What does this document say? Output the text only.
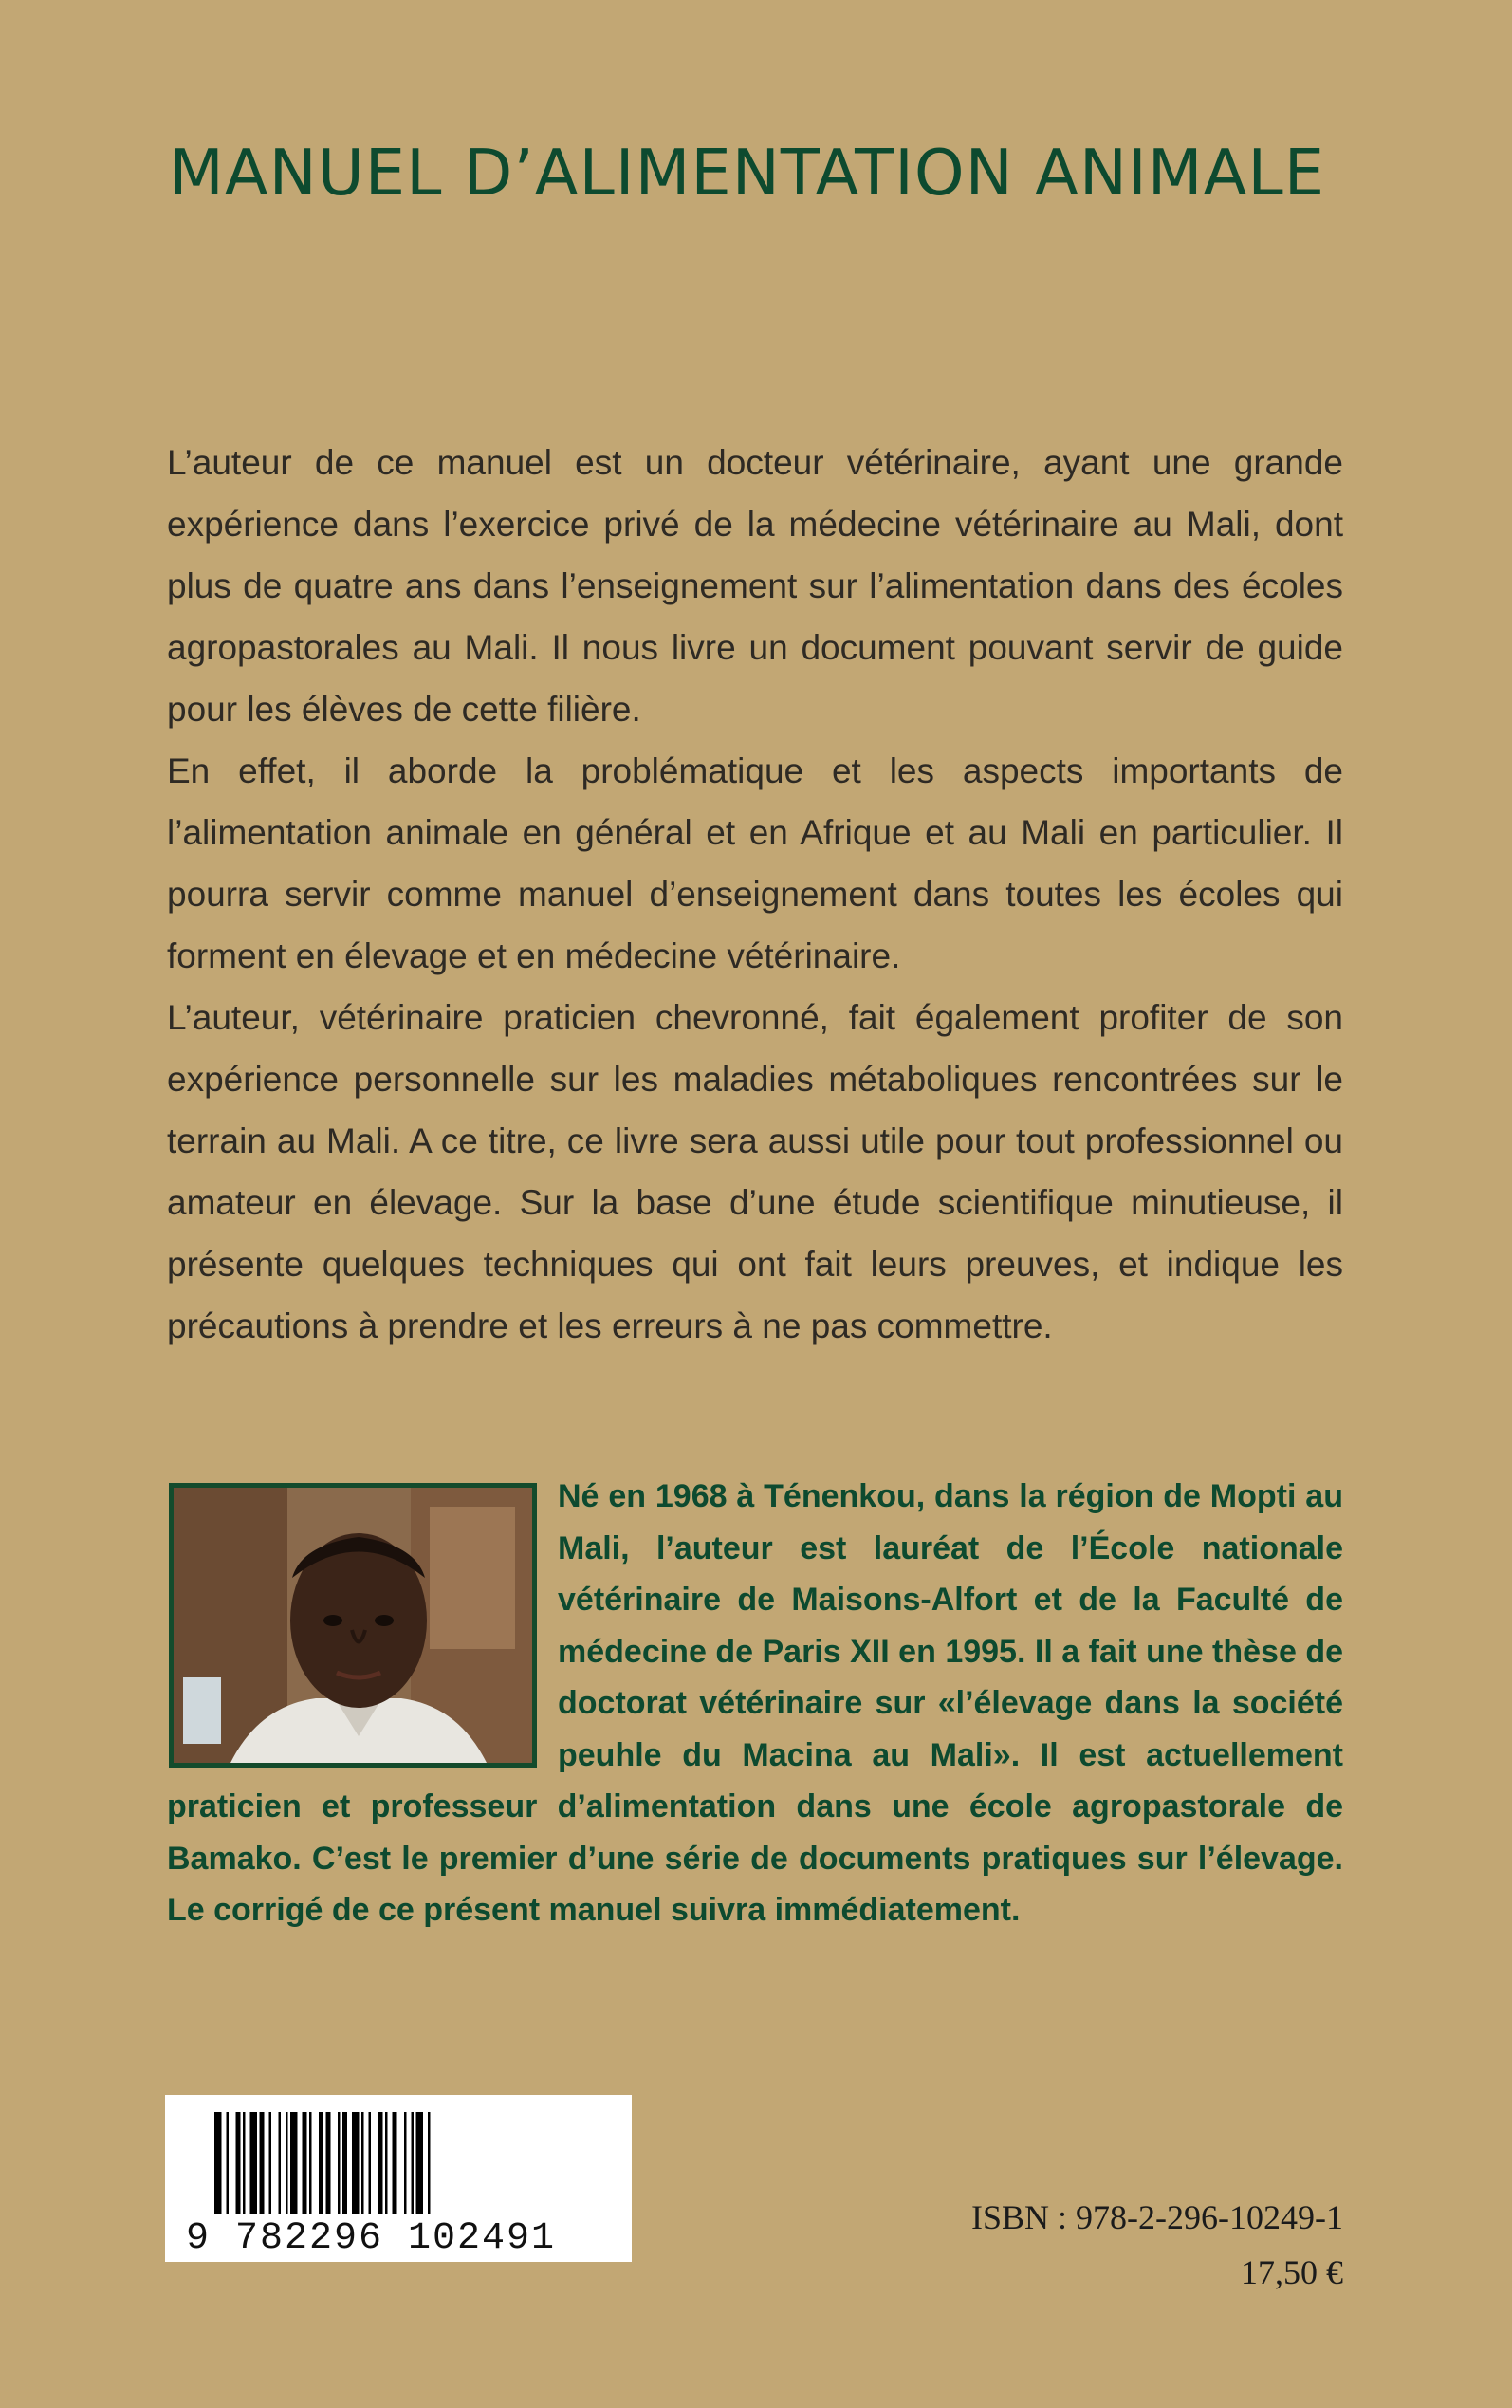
MANUEL D’ALIMENTATION ANIMALE

L’auteur de ce manuel est un docteur vétérinaire, ayant une grande expérience dans l’exercice privé de la médecine vétérinaire au Mali, dont plus de quatre ans dans l’enseignement sur l’alimentation dans des écoles agropastorales au Mali. Il nous livre un document pouvant servir de guide pour les élèves de cette filière.

En effet, il aborde la problématique et les aspects importants de l’alimentation animale en général et en Afrique et au Mali en particulier. Il pourra servir comme manuel d’enseignement dans toutes les écoles qui forment en élevage et en médecine vétérinaire.

L’auteur, vétérinaire praticien chevronné, fait également profiter de son expérience personnelle sur les maladies métaboliques rencontrées sur le terrain au Mali. A ce titre, ce livre sera aussi utile pour tout professionnel ou amateur en élevage. Sur la base d’une étude scientifique minutieuse, il présente quelques techniques qui ont fait leurs preuves, et indique les précautions à prendre et les erreurs à ne pas commettre.

Né en 1968 à Ténenkou, dans la région de Mopti au Mali, l’auteur est lauréat de l’École nationale vétérinaire de Maisons-Alfort et de la Faculté de médecine de Paris XII en 1995. Il a fait une thèse de doctorat vétérinaire sur «l’élevage dans la société peuhle du Macina au Mali». Il est actuellement praticien et professeur d’alimentation dans une école agropastorale de Bamako. C’est le premier d’une série de documents pratiques sur l’élevage. Le corrigé de ce présent manuel suivra immédiatement.
9 782296 102491	ISBN : 978-2-296-10249-1
17,50 €
